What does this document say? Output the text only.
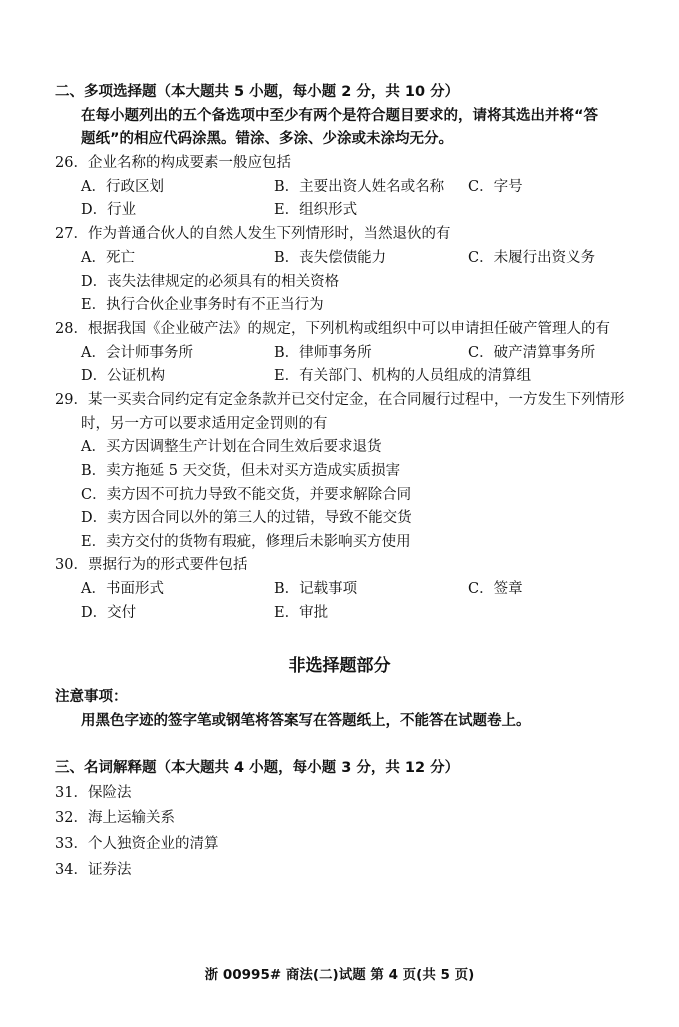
二、多项选择题（本大题共 5 小题，每小题 2 分，共 10 分）
在每小题列出的五个备选项中至少有两个是符合题目要求的，请将其选出并将“答
题纸”的相应代码涂黑。错涂、多涂、少涂或未涂均无分。
26．企业名称的构成要素一般应包括
A．行政区划	B．主要出资人姓名或名称 C．字号
D．行业	E．组织形式
27．作为普通合伙人的自然人发生下列情形时，当然退伙的有
A．死亡	B．丧失偿债能力	C．未履行出资义务
D．丧失法律规定的必须具有的相关资格
E．执行合伙企业事务时有不正当行为
28．根据我国《企业破产法》的规定，下列机构或组织中可以申请担任破产管理人的有
A．会计师事务所	B．律师事务所	C．破产清算事务所
D．公证机构	E．有关部门、机构的人员组成的清算组
29．某一买卖合同约定有定金条款并已交付定金，在合同履行过程中，一方发生下列情形
时，另一方可以要求适用定金罚则的有
A．买方因调整生产计划在合同生效后要求退货
B．卖方拖延 5 天交货，但未对买方造成实质损害
C．卖方因不可抗力导致不能交货，并要求解除合同
D．卖方因合同以外的第三人的过错，导致不能交货
E．卖方交付的货物有瑕疵，修理后未影响买方使用
30．票据行为的形式要件包括
A．书面形式	B．记载事项	C．签章
D．交付	E．审批
非选择题部分
注意事项：
用黑色字迹的签字笔或钢笔将答案写在答题纸上，不能答在试题卷上。
三、名词解释题（本大题共 4 小题，每小题 3 分，共 12 分）
31．保险法
32．海上运输关系
33．个人独资企业的清算
34．证券法
浙 00995# 商法(二)试题 第 4 页(共 5 页)
